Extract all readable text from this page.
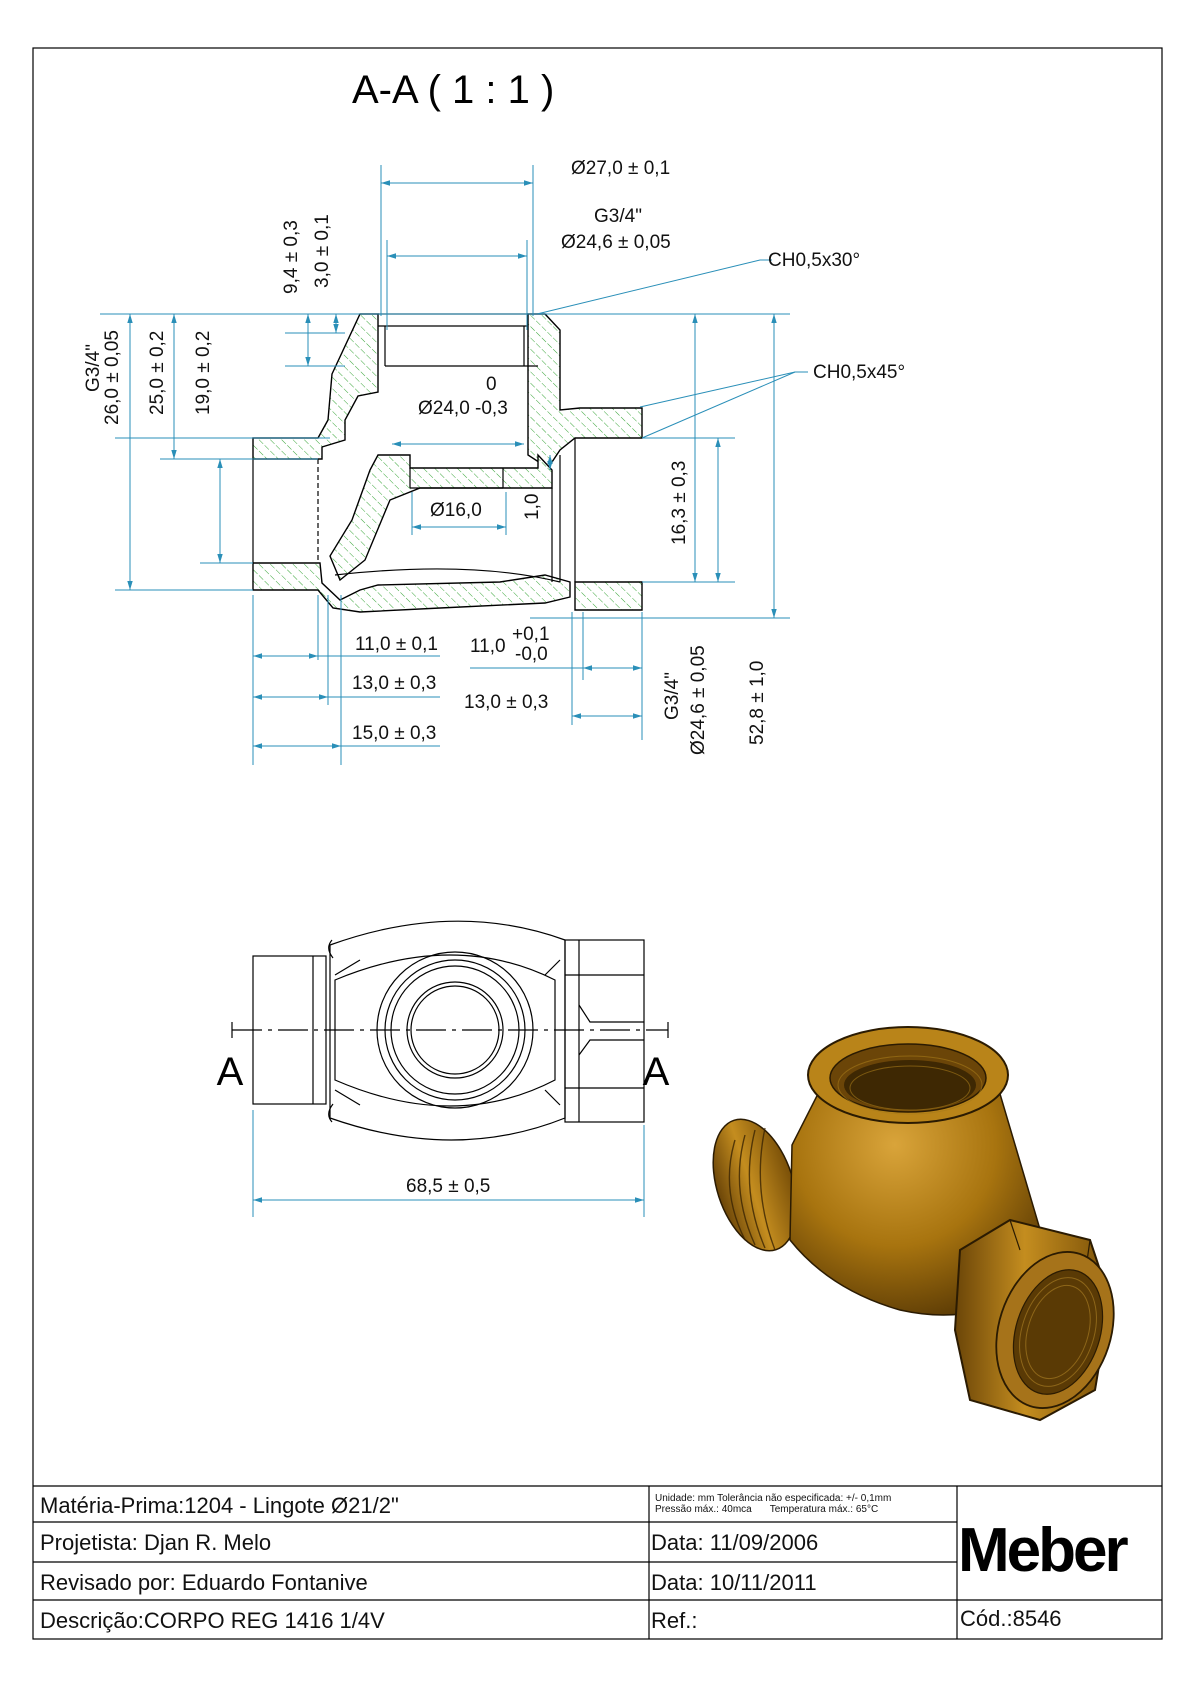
A-A ( 1 : 1 )
Ø27,0 ± 0,1
G3/4"
Ø24,6 ± 0,05
CH0,5x30°
CH0,5x45°
9,4 ± 0,3 3,0 ± 0,1
G3/4"
26,0 ± 0,05 25,0 ± 0,2 19,0 ± 0,2	0
Ø24,0 -0,3
Ø16,0 1,0	16,3 ± 0,3
11,0 ± 0,1 11,0
+0,1
-0,0
13,0 ± 0,3
13,0 ± 0,3
15,0 ± 0,3
G3/4" Ø24,6 ± 0,05 52,8 ± 1,0
A	A
68,5 ± 0,5
Matéria-Prima:1204 - Lingote Ø21/2"	Unidade: mm Tolerância não especificada: +/- 0,1mm
Pressão máx.: 40mca Temperatura máx.: 65°C
Projetista: Djan R. Melo	Data: 11/09/2006
Revisado por: Eduardo Fontanive	Data: 10/11/2011
Descrição:CORPO REG 1416 1/4V	Ref.:	Cód.:8546
Meber
